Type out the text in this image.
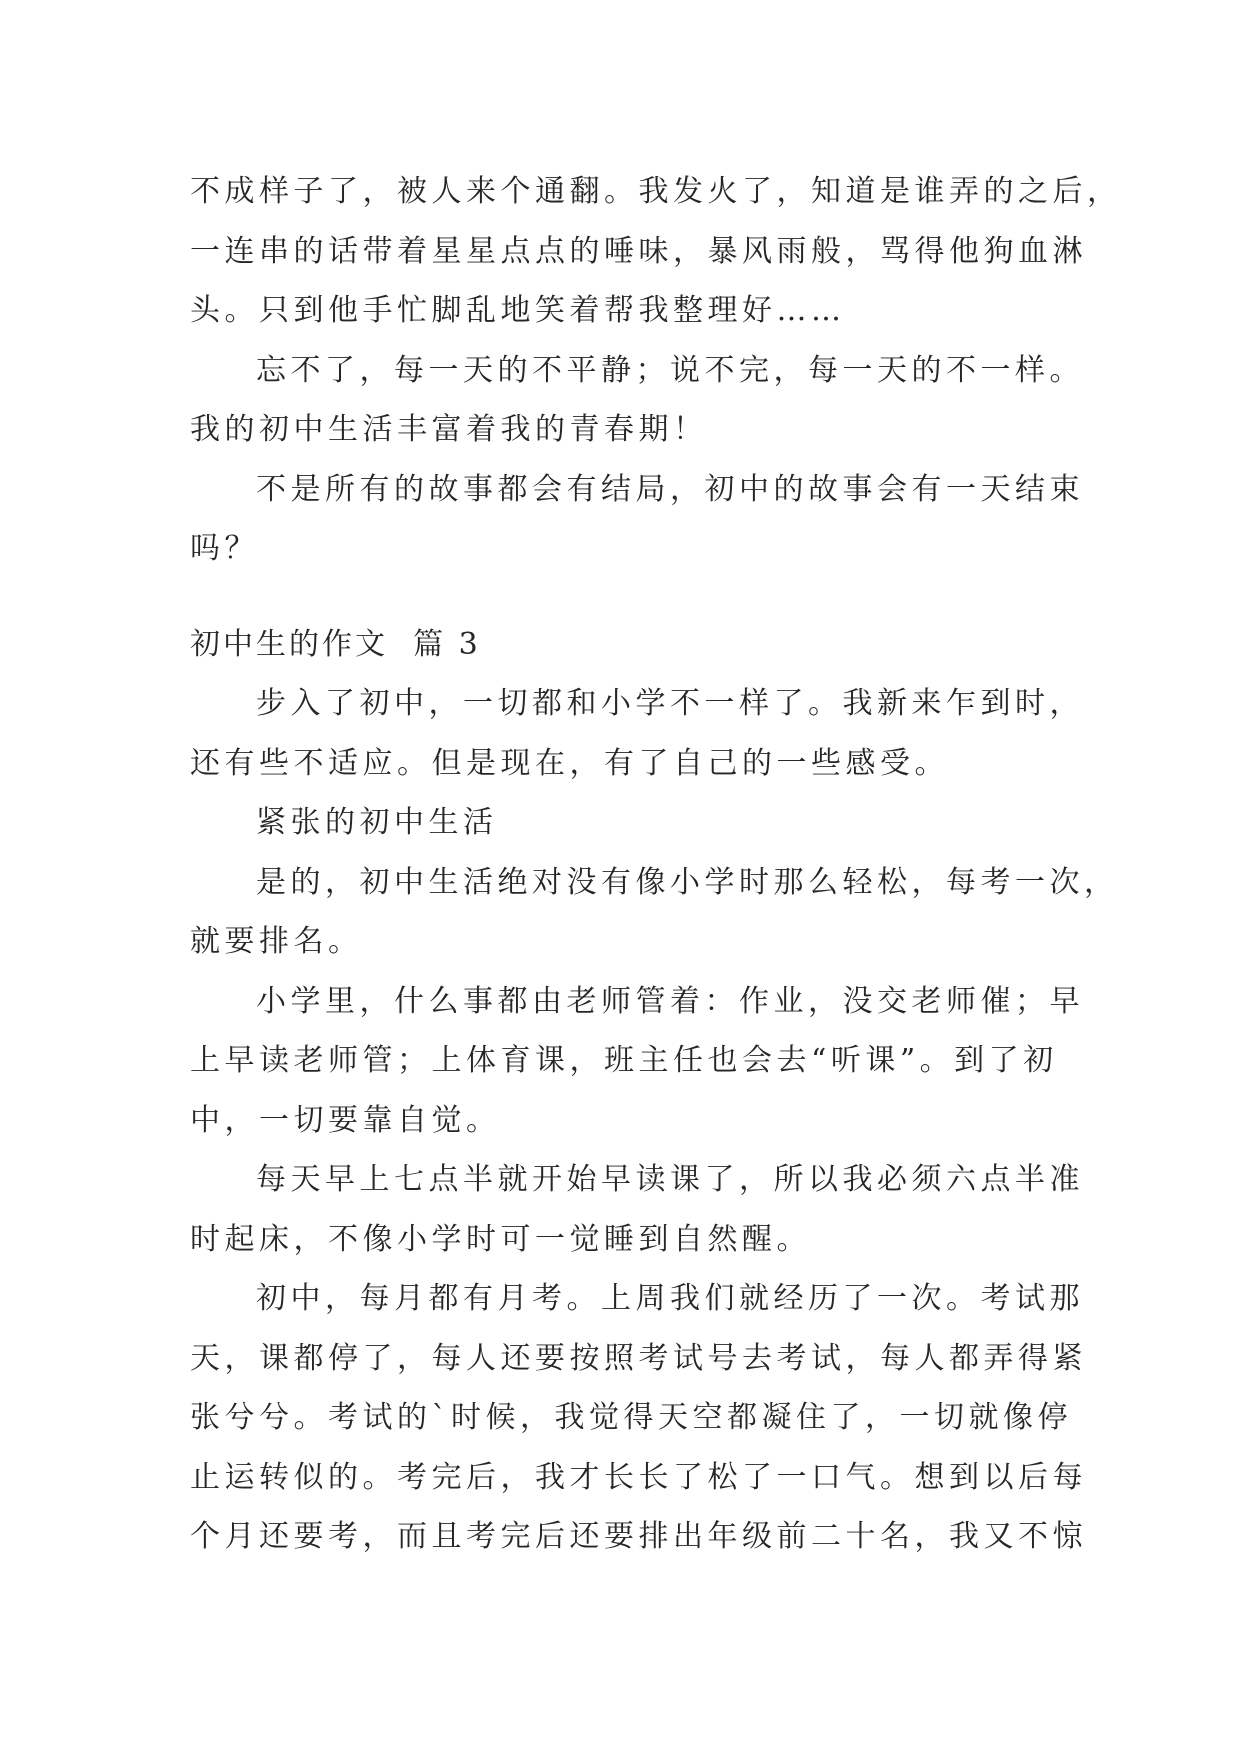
不成样子了，被人来个通翻。我发火了，知道是谁弄的之后，
一连串的话带着星星点点的唾味，暴风雨般，骂得他狗血淋
头。只到他手忙脚乱地笑着帮我整理好……
忘不了，每一天的不平静；说不完，每一天的不一样。
我的初中生活丰富着我的青春期！
不是所有的故事都会有结局，初中的故事会有一天结束
吗？
初中生的作文  篇 3
步入了初中，一切都和小学不一样了。我新来乍到时，
还有些不适应。但是现在，有了自己的一些感受。
紧张的初中生活
是的，初中生活绝对没有像小学时那么轻松，每考一次，
就要排名。
小学里，什么事都由老师管着：作业，没交老师催；早
上早读老师管；上体育课，班主任也会去“听课”。到了初
中，一切要靠自觉。
每天早上七点半就开始早读课了，所以我必须六点半准
时起床，不像小学时可一觉睡到自然醒。
初中，每月都有月考。上周我们就经历了一次。考试那
天，课都停了，每人还要按照考试号去考试，每人都弄得紧
张兮兮。考试的`时候，我觉得天空都凝住了，一切就像停
止运转似的。考完后，我才长长了松了一口气。想到以后每
个月还要考，而且考完后还要排出年级前二十名，我又不惊
